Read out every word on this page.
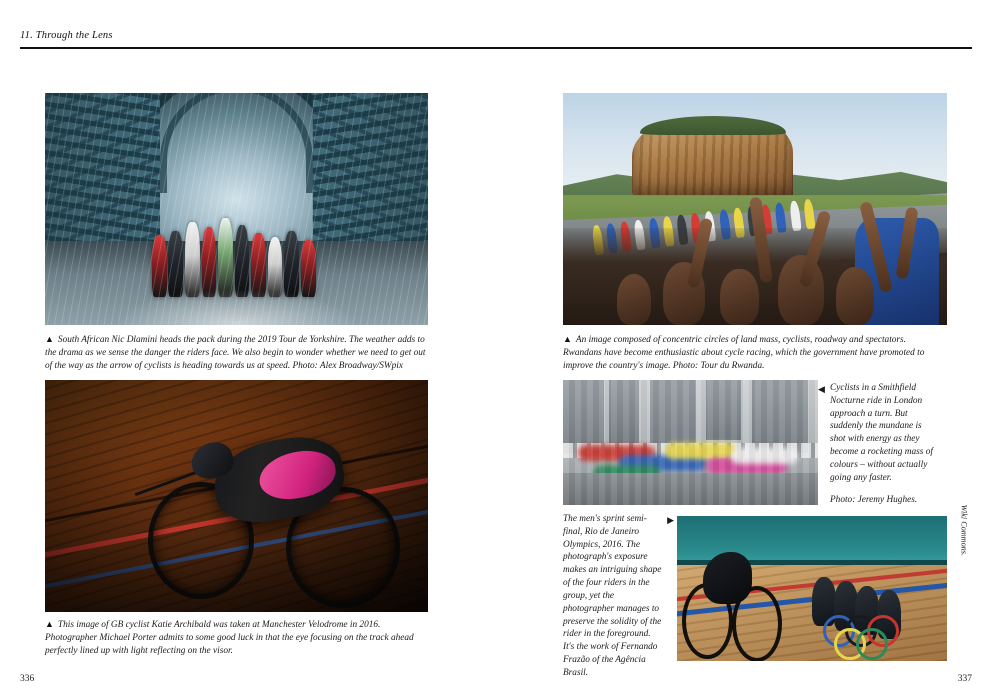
11. Through the Lens
▲ South African Nic Dlamini heads the pack during the 2019 Tour de Yorkshire. The weather adds to the drama as we sense the danger the riders face. We also begin to wonder whether we need to get out of the way as the arrow of cyclists is heading towards us at speed. Photo: Alex Broadway/SWpix
▲ This image of GB cyclist Katie Archibald was taken at Manchester Velodrome in 2016. Photographer Michael Porter admits to some good luck in that the eye focusing on the track ahead perfectly lined up with light reflecting on the visor.
336
▲ An image composed of concentric circles of land mass, cyclists, roadway and spectators. Rwandans have become enthusiastic about cycle racing, which the government have promoted to improve the country's image. Photo: Tour du Rwanda.
◀ Cyclists in a Smithfield Nocturne ride in London approach a turn. But suddenly the mundane is shot with energy as they become a rocketing mass of colours – without actually going any faster.
Photo: Jeremy Hughes.
The men's sprint semi-final, Rio de Janeiro Olympics, 2016. The photograph's exposure makes an intriguing shape of the four riders in the group, yet the photographer manages to preserve the solidity of the rider in the foreground. It's the work of Fernando Frazão of the Agência Brasil.
▶	Wiki Commons.
337
